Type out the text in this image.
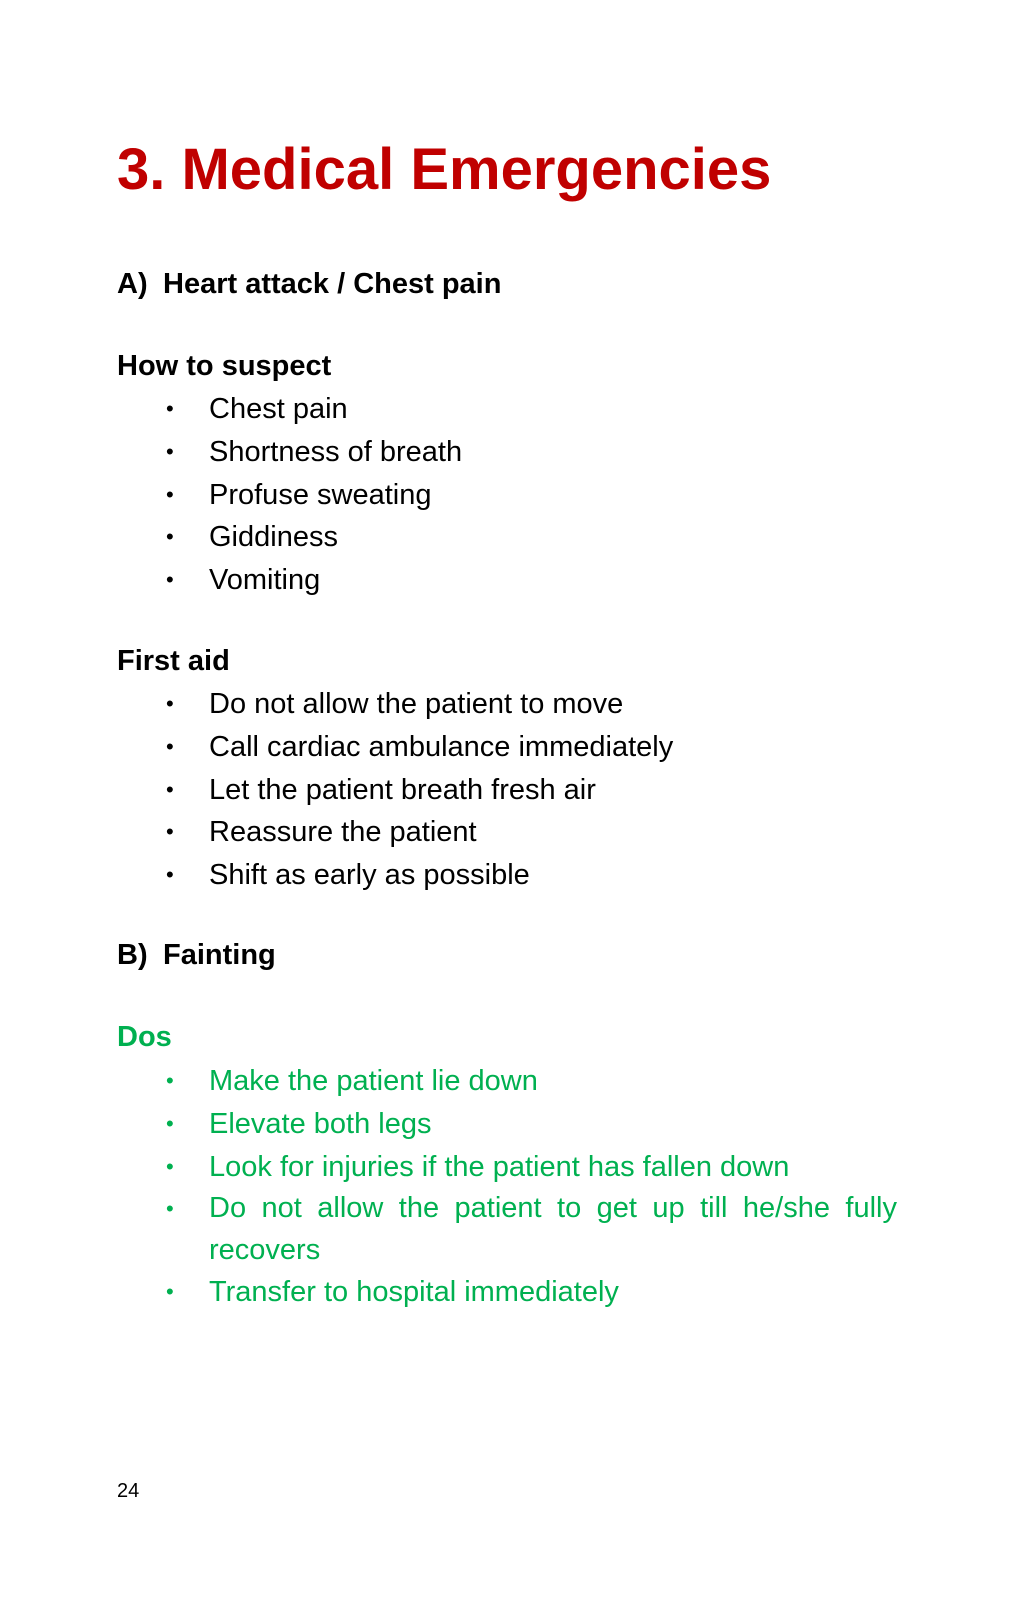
3. Medical Emergencies
A) Heart attack / Chest pain
How to suspect
• Chest pain
• Shortness of breath
• Profuse sweating
• Giddiness
• Vomiting
First aid
• Do not allow the patient to move
• Call cardiac ambulance immediately
• Let the patient breath fresh air
• Reassure the patient
• Shift as early as possible
B) Fainting
Dos
• Make the patient lie down
• Elevate both legs
• Look for injuries if the patient has fallen down
• Do not allow the patient to get up till he/she fully recovers
• Transfer to hospital immediately

24
